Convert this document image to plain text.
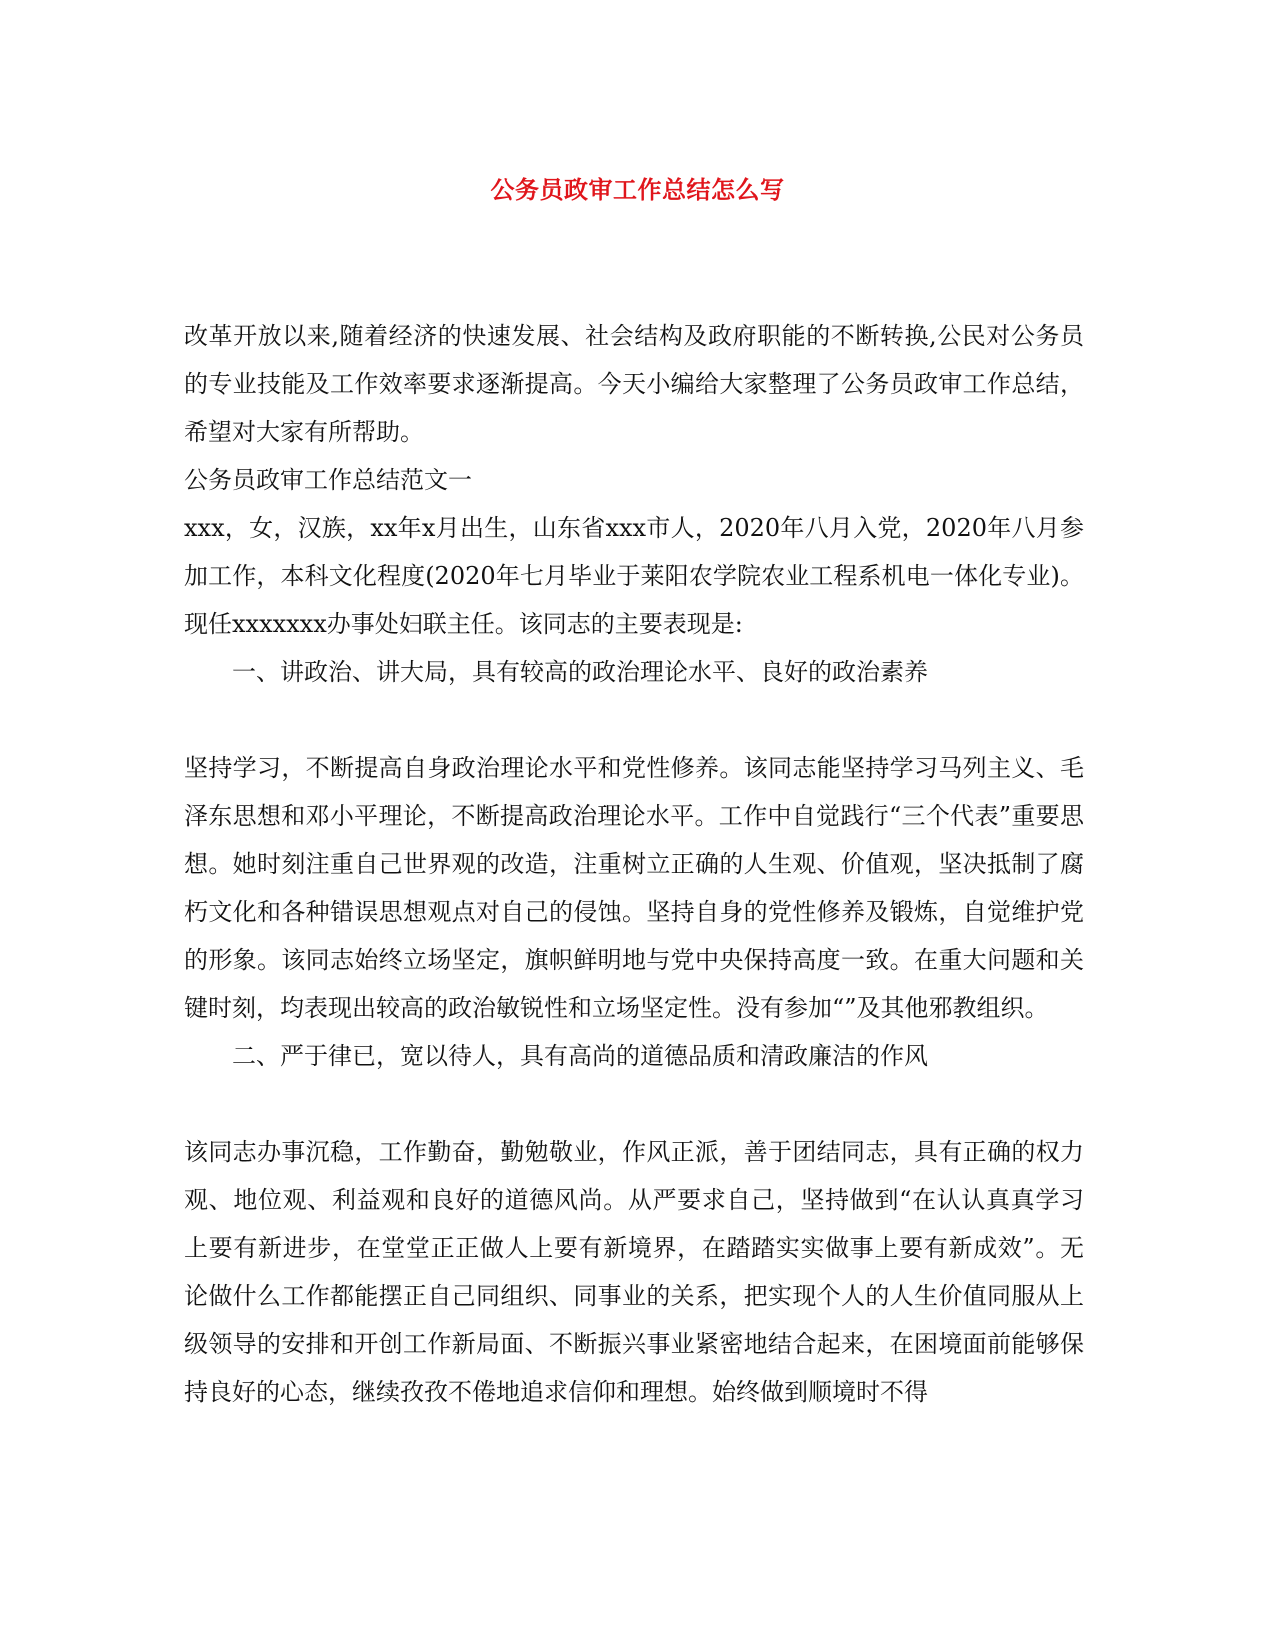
公务员政审工作总结怎么写

改革开放以来,随着经济的快速发展、社会结构及政府职能的不断转换,公民对公务员的专业技能及工作效率要求逐渐提高。今天小编给大家整理了公务员政审工作总结，希望对大家有所帮助。

公务员政审工作总结范文一

xxx，女，汉族，xx年x月出生，山东省xxx市人，2020年八月入党，2020年八月参加工作，本科文化程度(2020年七月毕业于莱阳农学院农业工程系机电一体化专业)。现任xxxxxxx办事处妇联主任。该同志的主要表现是:

一、讲政治、讲大局，具有较高的政治理论水平、良好的政治素养

坚持学习，不断提高自身政治理论水平和党性修养。该同志能坚持学习马列主义、毛泽东思想和邓小平理论，不断提高政治理论水平。工作中自觉践行“三个代表”重要思想。她时刻注重自己世界观的改造，注重树立正确的人生观、价值观，坚决抵制了腐朽文化和各种错误思想观点对自己的侵蚀。坚持自身的党性修养及锻炼，自觉维护党的形象。该同志始终立场坚定，旗帜鲜明地与党中央保持高度一致。在重大问题和关键时刻，均表现出较高的政治敏锐性和立场坚定性。没有参加“”及其他邪教组织。

二、严于律已，宽以待人，具有高尚的道德品质和清政廉洁的作风

该同志办事沉稳，工作勤奋，勤勉敬业，作风正派，善于团结同志，具有正确的权力观、地位观、利益观和良好的道德风尚。从严要求自己，坚持做到“在认认真真学习上要有新进步，在堂堂正正做人上要有新境界，在踏踏实实做事上要有新成效”。无论做什么工作都能摆正自己同组织、同事业的关系，把实现个人的人生价值同服从上级领导的安排和开创工作新局面、不断振兴事业紧密地结合起来，在困境面前能够保持良好的心态，继续孜孜不倦地追求信仰和理想。始终做到顺境时不得
